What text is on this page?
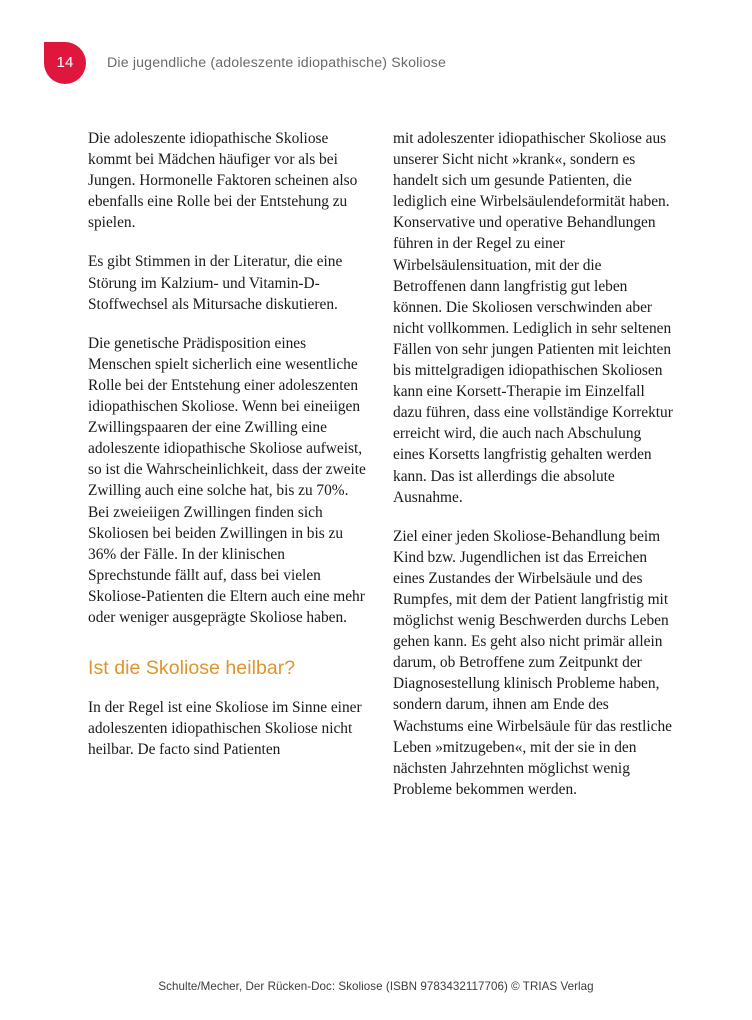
14	Die jugendliche (adoleszente idiopathische) Skoliose

Die adoleszente idiopathische Skoliose kommt bei Mädchen häufiger vor als bei Jungen. Hormonelle Faktoren scheinen also ebenfalls eine Rolle bei der Entstehung zu spielen.

Es gibt Stimmen in der Literatur, die eine Störung im Kalzium- und Vitamin-D-Stoffwechsel als Mitursache diskutieren.

Die genetische Prädisposition eines Menschen spielt sicherlich eine wesentliche Rolle bei der Entstehung einer adoleszenten idiopathischen Skoliose. Wenn bei eineiigen Zwillingspaaren der eine Zwilling eine adoleszente idiopathische Skoliose aufweist, so ist die Wahrscheinlichkeit, dass der zweite Zwilling auch eine solche hat, bis zu 70%. Bei zweieiigen Zwillingen finden sich Skoliosen bei beiden Zwillingen in bis zu 36% der Fälle. In der klinischen Sprechstunde fällt auf, dass bei vielen Skoliose-Patienten die Eltern auch eine mehr oder weniger ausgeprägte Skoliose haben.

Ist die Skoliose heilbar?

In der Regel ist eine Skoliose im Sinne einer adoleszenten idiopathischen Skoliose nicht heilbar. De facto sind Patienten

mit adoleszenter idiopathischer Skoliose aus unserer Sicht nicht »krank«, sondern es handelt sich um gesunde Patienten, die lediglich eine Wirbelsäulendeformität haben. Konservative und operative Behandlungen führen in der Regel zu einer Wirbelsäulensituation, mit der die Betroffenen dann langfristig gut leben können. Die Skoliosen verschwinden aber nicht vollkommen. Lediglich in sehr seltenen Fällen von sehr jungen Patienten mit leichten bis mittelgradigen idiopathischen Skoliosen kann eine Korsett-Therapie im Einzelfall dazu führen, dass eine vollständige Korrektur erreicht wird, die auch nach Abschulung eines Korsetts langfristig gehalten werden kann. Das ist allerdings die absolute Ausnahme.

Ziel einer jeden Skoliose-Behandlung beim Kind bzw. Jugendlichen ist das Erreichen eines Zustandes der Wirbelsäule und des Rumpfes, mit dem der Patient langfristig mit möglichst wenig Beschwerden durchs Leben gehen kann. Es geht also nicht primär allein darum, ob Betroffene zum Zeitpunkt der Diagnosestellung klinisch Probleme haben, sondern darum, ihnen am Ende des Wachstums eine Wirbelsäule für das restliche Leben »mitzugeben«, mit der sie in den nächsten Jahrzehnten möglichst wenig Probleme bekommen werden.

Schulte/Mecher, Der Rücken-Doc: Skoliose (ISBN 9783432117706) © TRIAS Verlag
